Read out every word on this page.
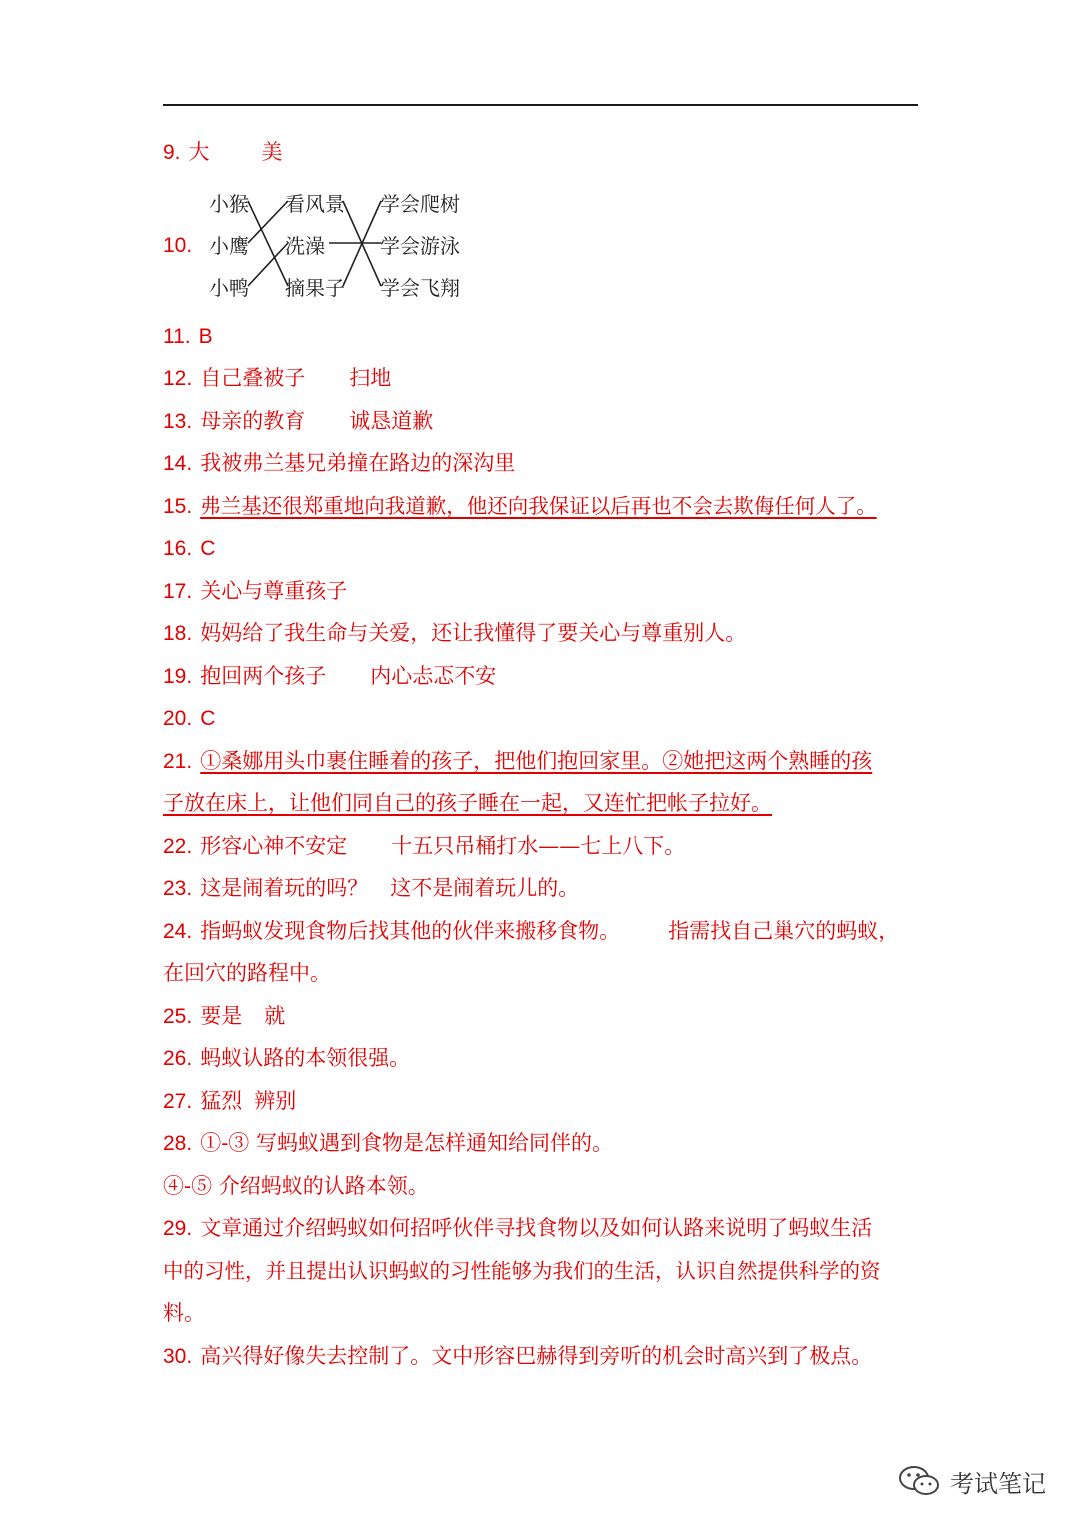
9. 大 美
10.
小猴
小鹰
小鸭
看风景
洗澡
摘果子
学会爬树
学会游泳
学会飞翔
11. B
12. 自己叠被子 扫地
13. 母亲的教育 诚恳道歉
14. 我被弗兰基兄弟撞在路边的深沟里
15. 弗兰基还很郑重地向我道歉，他还向我保证以后再也不会去欺侮任何人了。
16. C
17. 关心与尊重孩子
18. 妈妈给了我生命与关爱，还让我懂得了要关心与尊重别人。
19. 抱回两个孩子 内心忐忑不安
20. C
21. ①桑娜用头巾裹住睡着的孩子，把他们抱回家里。②她把这两个熟睡的孩
子放在床上，让他们同自己的孩子睡在一起，又连忙把帐子拉好。
22. 形容心神不安定 十五只吊桶打水——七上八下。
23. 这是闹着玩的吗？ 这不是闹着玩儿的。
24. 指蚂蚁发现食物后找其他的伙伴来搬移食物。 指需找自己巢穴的蚂蚁，
在回穴的路程中。
25. 要是 就
26. 蚂蚁认路的本领很强。
27. 猛烈 辨别
28. ①-③ 写蚂蚁遇到食物是怎样通知给同伴的。
④-⑤ 介绍蚂蚁的认路本领。
29. 文章通过介绍蚂蚁如何招呼伙伴寻找食物以及如何认路来说明了蚂蚁生活
中的习性，并且提出认识蚂蚁的习性能够为我们的生活，认识自然提供科学的资
料。
30. 高兴得好像失去控制了。文中形容巴赫得到旁听的机会时高兴到了极点。
考试笔记
